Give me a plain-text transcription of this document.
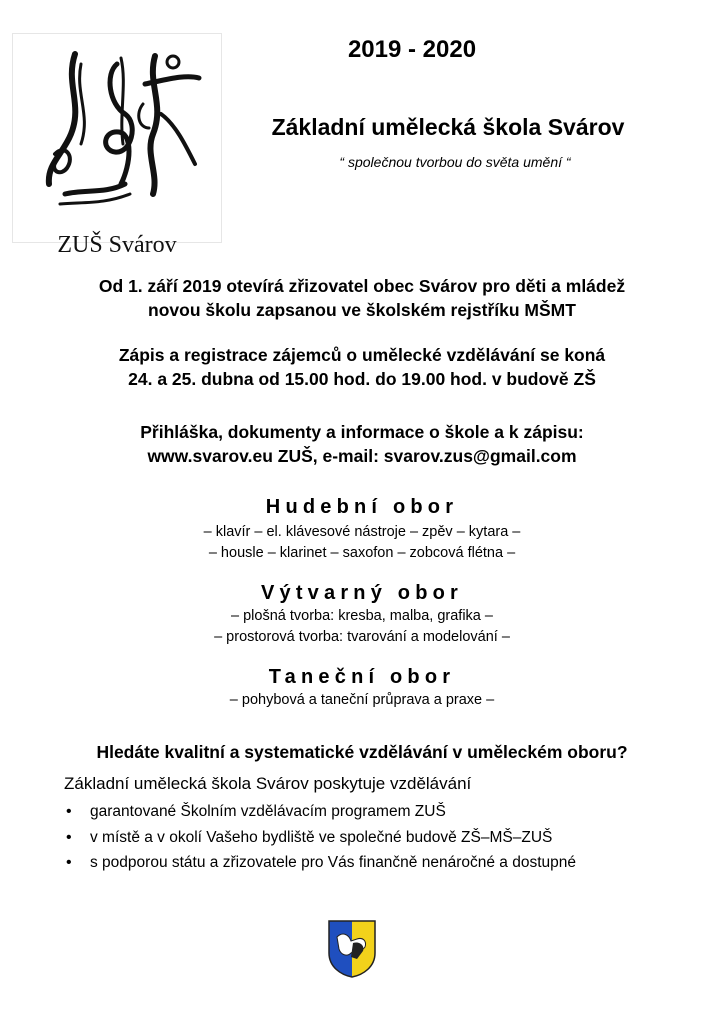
ZUŠ Svárov
2019 - 2020
Základní umělecká škola Svárov
“ společnou tvorbou do světa umění “
Od 1. září 2019 otevírá zřizovatel obec Svárov pro děti a mládež
novou školu zapsanou ve školském rejstříku MŠMT
Zápis a registrace zájemců o umělecké vzdělávání se koná
24. a 25. dubna od 15.00 hod. do 19.00 hod. v budově ZŠ
Přihláška, dokumenty a informace o škole a k zápisu:
www.svarov.eu ZUŠ, e-mail: svarov.zus@gmail.com
Hudební obor
– klavír – el. klávesové nástroje – zpěv – kytara –
– housle – klarinet – saxofon – zobcová flétna –
Výtvarný obor
– plošná tvorba: kresba, malba, grafika –
– prostorová tvorba: tvarování a modelování –
Taneční obor
– pohybová a taneční průprava a praxe –
Hledáte kvalitní a systematické vzdělávání v uměleckém oboru?
Základní umělecká škola Svárov poskytuje vzdělávání
• garantované Školním vzdělávacím programem ZUŠ
• v místě a v okolí Vašeho bydliště ve společné budově ZŠ–MŠ–ZUŠ
• s podporou státu a zřizovatele pro Vás finančně nenáročné a dostupné
